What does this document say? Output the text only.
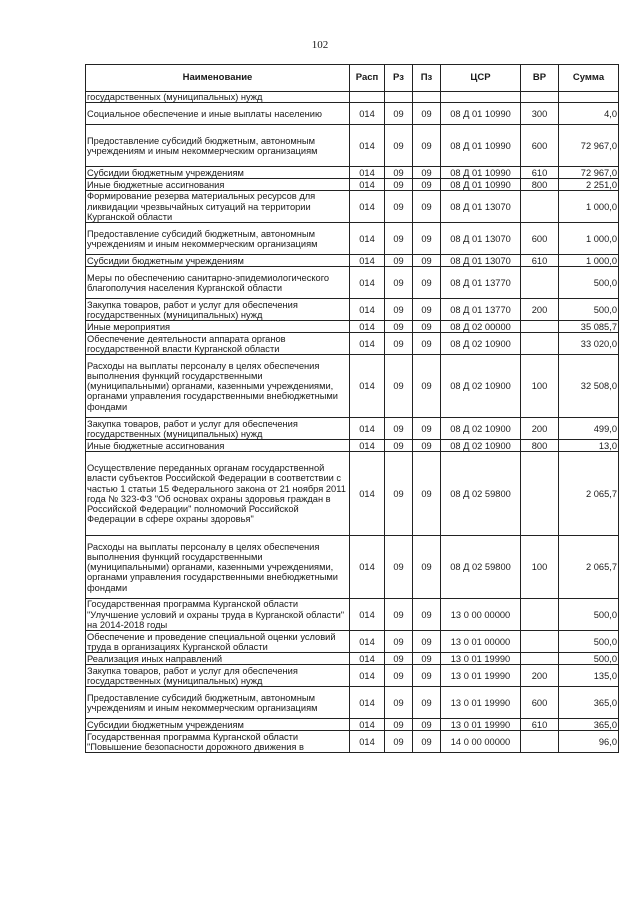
102
Наименование	Расп	Рз	Пз	ЦСР	ВР	Сумма
государственных (муниципальных) нужд						
Социальное обеспечение и иные выплаты населению	014	09	09	08 Д 01 10990	300	4,0
Предоставление субсидий бюджетным, автономным учреждениям и иным некоммерческим организациям	014	09	09	08 Д 01 10990	600	72 967,0
Субсидии бюджетным учреждениям	014	09	09	08 Д 01 10990	610	72 967,0
Иные бюджетные ассигнования	014	09	09	08 Д 01 10990	800	2 251,0
Формирование резерва материальных ресурсов для ликвидации чрезвычайных ситуаций на территории Курганской области	014	09	09	08 Д 01 13070		1 000,0
Предоставление субсидий бюджетным, автономным учреждениям и иным некоммерческим организациям	014	09	09	08 Д 01 13070	600	1 000,0
Субсидии бюджетным учреждениям	014	09	09	08 Д 01 13070	610	1 000,0
Меры по обеспечению санитарно-эпидемиологического благополучия населения Курганской области	014	09	09	08 Д 01 13770		500,0
Закупка товаров, работ и услуг для обеспечения государственных (муниципальных) нужд	014	09	09	08 Д 01 13770	200	500,0
Иные мероприятия	014	09	09	08 Д 02 00000		35 085,7
Обеспечение деятельности аппарата органов государственной власти Курганской области	014	09	09	08 Д 02 10900		33 020,0
Расходы на выплаты персоналу в целях обеспечения выполнения функций государственными (муниципальными) органами, казенными учреждениями, органами управления государственными внебюджетными фондами	014	09	09	08 Д 02 10900	100	32 508,0
Закупка товаров, работ и услуг для обеспечения государственных (муниципальных) нужд	014	09	09	08 Д 02 10900	200	499,0
Иные бюджетные ассигнования	014	09	09	08 Д 02 10900	800	13,0
Осуществление переданных органам государственной власти субъектов Российской Федерации в соответствии с частью 1 статьи 15 Федерального закона от 21 ноября 2011 года № 323-ФЗ "Об основах охраны здоровья граждан в Российской Федерации" полномочий Российской Федерации в сфере охраны здоровья"	014	09	09	08 Д 02 59800		2 065,7
Расходы на выплаты персоналу в целях обеспечения выполнения функций государственными (муниципальными) органами, казенными учреждениями, органами управления государственными внебюджетными фондами	014	09	09	08 Д 02 59800	100	2 065,7
Государственная программа Курганской области "Улучшение условий и охраны труда в Курганской области" на 2014-2018 годы	014	09	09	13 0 00 00000		500,0
Обеспечение и проведение специальной оценки условий труда в организациях Курганской области	014	09	09	13 0 01 00000		500,0
Реализация иных направлений	014	09	09	13 0 01 19990		500,0
Закупка товаров, работ и услуг для обеспечения государственных (муниципальных) нужд	014	09	09	13 0 01 19990	200	135,0
Предоставление субсидий бюджетным, автономным учреждениям и иным некоммерческим организациям	014	09	09	13 0 01 19990	600	365,0
Субсидии бюджетным учреждениям	014	09	09	13 0 01 19990	610	365,0
Государственная программа Курганской области "Повышение безопасности дорожного движения в	014	09	09	14 0 00 00000		96,0
